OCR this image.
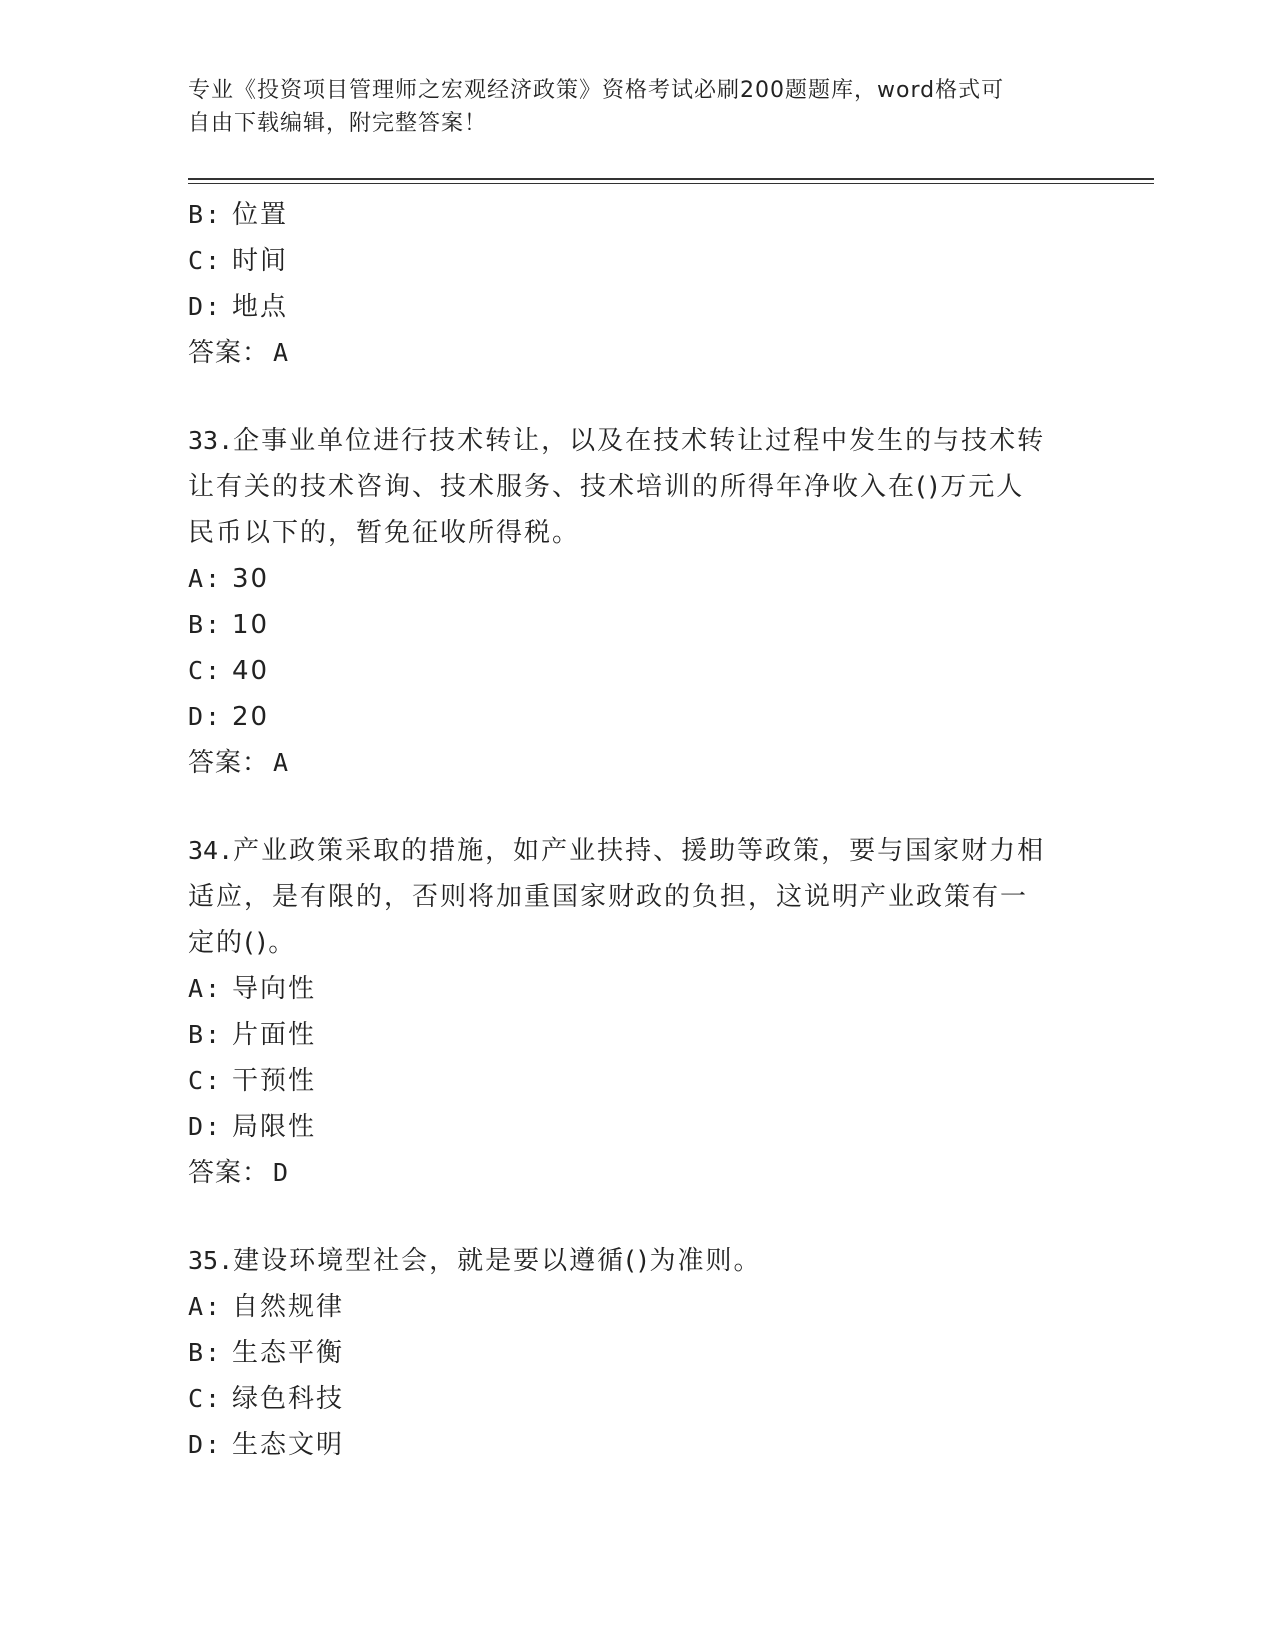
专业《投资项目管理师之宏观经济政策》资格考试必刷200题题库，word格式可
自由下载编辑，附完整答案！
B: 位置
C: 时间
D: 地点
答案： A
33.企事业单位进行技术转让，以及在技术转让过程中发生的与技术转
让有关的技术咨询、技术服务、技术培训的所得年净收入在()万元人
民币以下的，暂免征收所得税。
A: 30
B: 10
C: 40
D: 20
答案： A
34.产业政策采取的措施，如产业扶持、援助等政策，要与国家财力相
适应，是有限的，否则将加重国家财政的负担，这说明产业政策有一
定的()。
A: 导向性
B: 片面性
C: 干预性
D: 局限性
答案： D
35.建设环境型社会，就是要以遵循()为准则。
A: 自然规律
B: 生态平衡
C: 绿色科技
D: 生态文明
